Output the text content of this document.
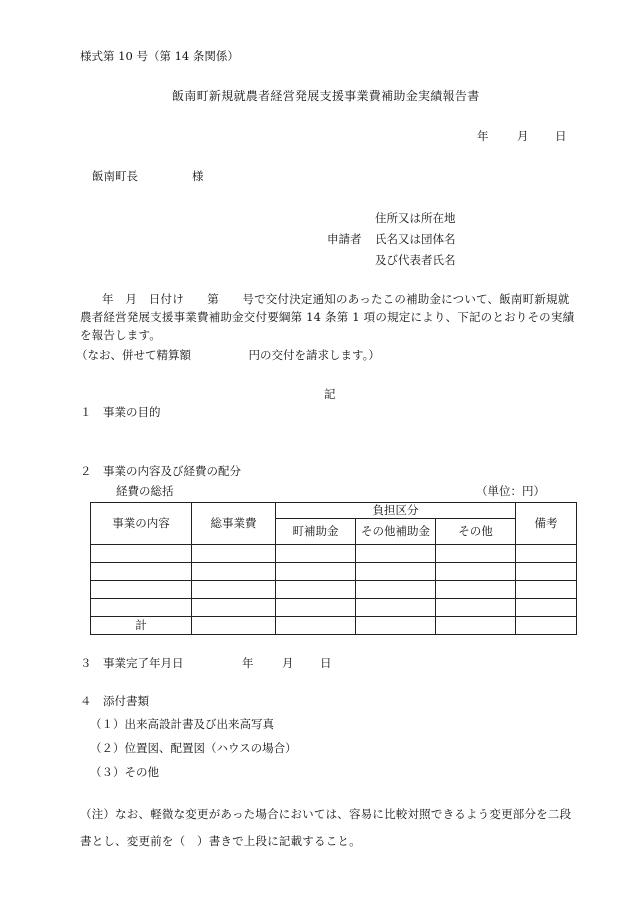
様式第 10 号（第 14 条関係）
飯南町新規就農者経営発展支援事業費補助金実績報告書
年 月 日
飯南町長	様
住所又は所在地
申請者 氏名又は団体名
及び代表者氏名
年　月　日付け　　第　　号で交付決定通知のあったこの補助金について、飯南町新規就農者経営発展支援事業費補助金交付要綱第 14 条第 1 項の規定により、下記のとおりその実績を報告します。
（なお、併せて精算額　　　　　円の交付を請求します。）
記
１　事業の目的
２　事業の内容及び経費の配分
経費の総括	（単位：円）
事業の内容	総事業費	負担区分			備考
		町補助金	その他補助金	その他	

計					
３　事業完了年月日	年 月 日
４　添付書類
（１）出来高設計書及び出来高写真
（２）位置図、配置図（ハウスの場合）
（３）その他
（注）なお、軽微な変更があった場合においては、容易に比較対照できるよう変更部分を二段書とし、変更前を（　）書きで上段に記載すること。
